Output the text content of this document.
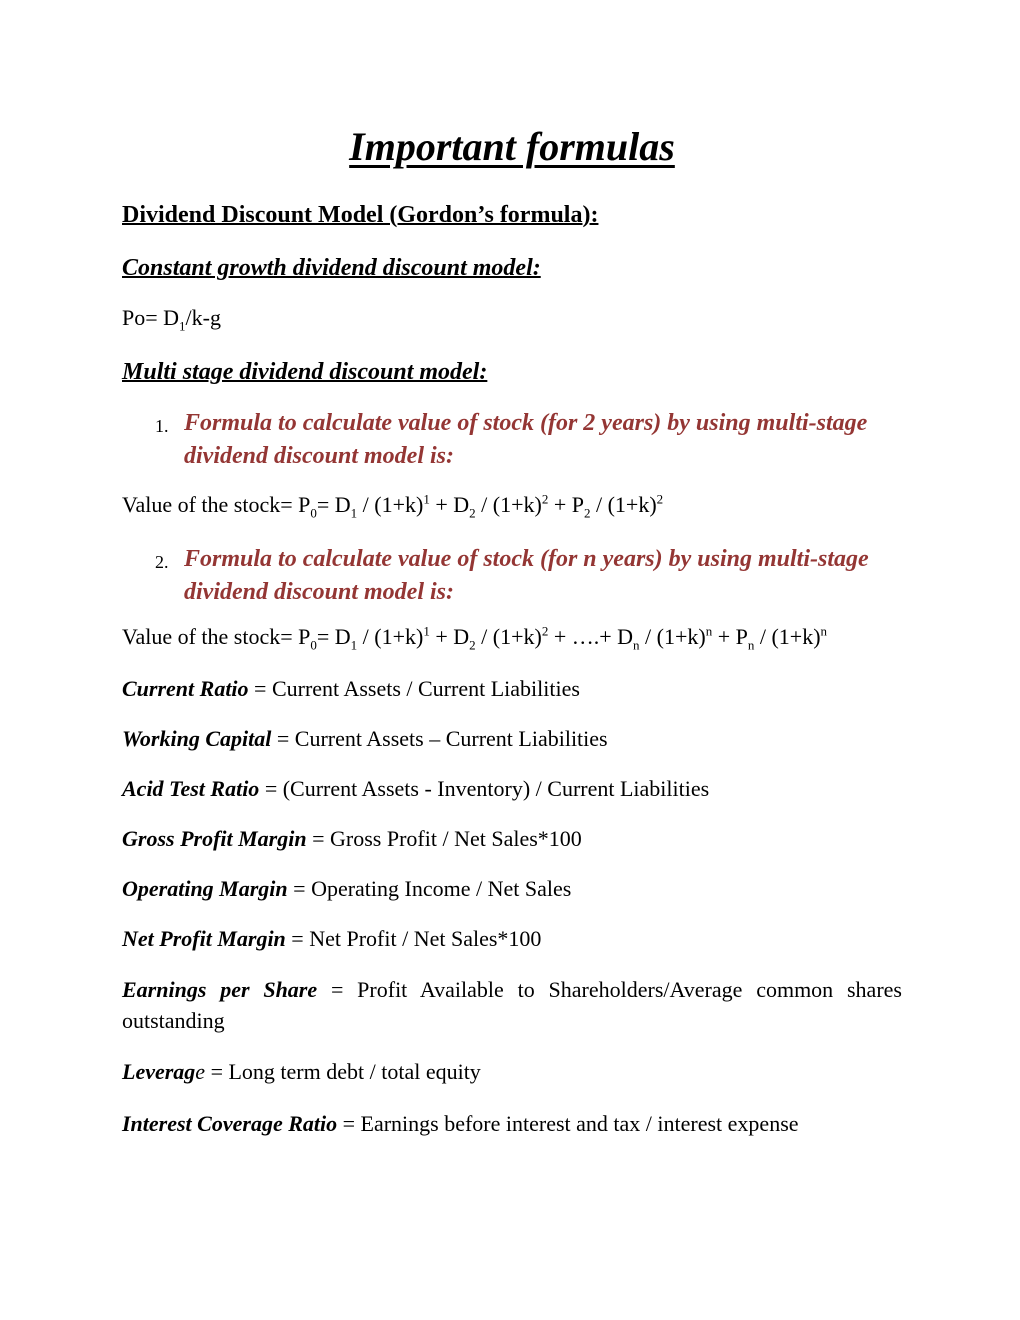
Important formulas
Dividend Discount Model (Gordon’s formula):
Constant growth dividend discount model:
$Po= D_1/k-g$
Multi stage dividend discount model:
1. Formula to calculate value of stock (for 2 years) by using multi-stage
dividend discount model is:
Value of the stock= $P_0= D_1 / (1+k)^1 + D_2 / (1+k)^2 + P_2 / (1+k)^2$
2. Formula to calculate value of stock (for n years) by using multi-stage
dividend discount model is:
Value of the stock= $P_0= D_1 / (1+k)^1 + D_2 / (1+k)^2$ + ….+ $D_n / (1+k)^n + P_n / (1+k)^n$
Current Ratio = Current Assets / Current Liabilities
Working Capital = Current Assets – Current Liabilities
Acid Test Ratio = (Current Assets - Inventory) / Current Liabilities
Gross Profit Margin = Gross Profit / Net Sales*100
Operating Margin = Operating Income / Net Sales
Net Profit Margin = Net Profit / Net Sales*100
Earnings per Share = Profit Available to Shareholders/Average common shares outstanding
Leverage = Long term debt / total equity
Interest Coverage Ratio = Earnings before interest and tax / interest expense
